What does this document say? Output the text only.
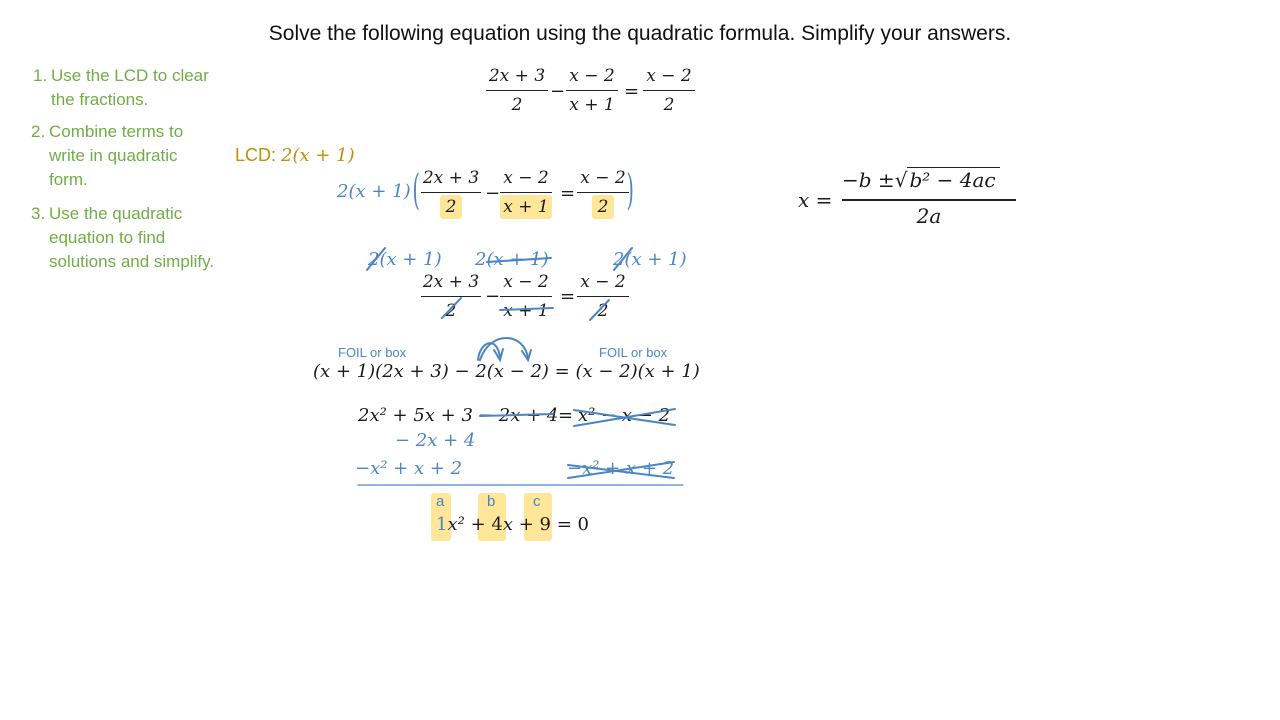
Solve the following equation using the quadratic formula. Simplify your answers.
1. Use the LCD to clear
the fractions.
2. Combine terms to
write in quadratic
form.
3. Use the quadratic
equation to find
solutions and simplify.
LCD: 2(x + 1)
2x + 3
2
−
x − 2
x + 1
=
x − 2
2
2(x + 1) ( 2x + 3
2
−
x − 2
x + 1
=
x − 2
2 )	x =
−b ±√ b² − 4ac
2a
2(x + 1) 2(x + 1)	2(x + 1)
2x + 3
2
−
x − 2
x + 1
=
x − 2
2
FOIL or box	FOIL or box
(x + 1)(2x + 3) − 2(x − 2) = (x − 2)(x + 1)
2x² + 5x + 3 − 2x + 4 = x² − x − 2
− 2x + 4
−x² + x + 2	−x² + x + 2
a	b	c
1x² + 4x + 9 = 0
